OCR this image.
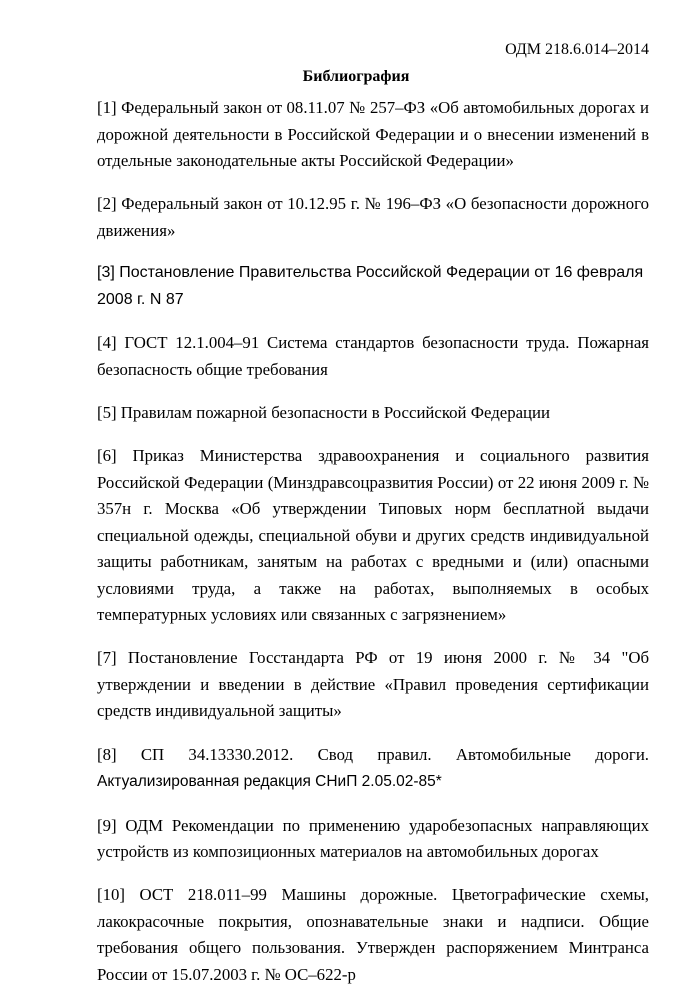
ОДМ 218.6.014–2014
Библиография

[1] Федеральный закон от 08.11.07 № 257–ФЗ «Об автомобильных дорогах и дорожной деятельности в Российской Федерации и о внесении изменений в отдельные законодательные акты Российской Федерации»

[2] Федеральный закон от 10.12.95 г. № 196–ФЗ «О безопасности дорожного движения»

[3] Постановление Правительства Российской Федерации от 16 февраля 2008 г. N 87

[4] ГОСТ 12.1.004–91 Система стандартов безопасности труда. Пожарная безопасность общие требования

[5] Правилам пожарной безопасности в Российской Федерации

[6] Приказ Министерства здравоохранения и социального развития Российской Федерации (Минздравсоцразвития России) от 22 июня 2009 г. № 357н г. Москва «Об утверждении Типовых норм бесплатной выдачи специальной одежды, специальной обуви и других средств индивидуальной защиты работникам, занятым на работах с вредными и (или) опасными условиями труда, а также на работах, выполняемых в особых температурных условиях или связанных с загрязнением»

[7] Постановление Госстандарта РФ от 19 июня 2000 г. № 34 "Об утверждении и введении в действие «Правил проведения сертификации средств индивидуальной защиты»

[8] СП 34.13330.2012. Свод правил. Автомобильные дороги. Актуализированная редакция СНиП 2.05.02-85*

[9] ОДМ Рекомендации по применению ударобезопасных направляющих устройств из композиционных материалов на автомобильных дорогах

[10] ОСТ 218.011–99 Машины дорожные. Цветографические схемы, лакокрасочные покрытия, опознавательные знаки и надписи. Общие требования общего пользования. Утвержден распоряжением Минтранса России от 15.07.2003 г. № ОС–622-р
